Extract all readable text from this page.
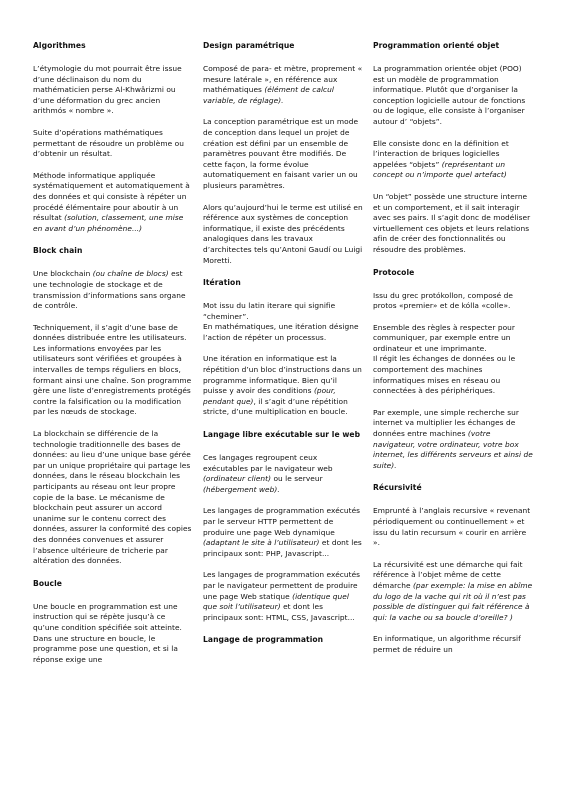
Algorithmes

L’étymologie du mot pourrait être issue d’une déclinaison du nom du mathématicien perse Al-Khwârizmi ou d’une déformation du grec ancien arithmós « nombre ».

Suite d’opérations mathématiques permettant de résoudre un problème ou d’obtenir un résultat.

Méthode informatique appliquée systématiquement et automatiquement à des données et qui consiste à répéter un procédé élémentaire pour aboutir à un résultat (solution, classement, une mise en avant d’un phénomène...)

Block chain

Une blockchain (ou chaîne de blocs) est une technologie de stockage et de transmission d’informations sans organe de contrôle.

Techniquement, il s’agit d’une base de données distribuée entre les utilisateurs. Les informations envoyées par les utilisateurs sont vérifiées et groupées à intervalles de temps réguliers en blocs, formant ainsi une chaîne. Son programme gère une liste d’enregistrements protégés contre la falsification ou la modification par les nœuds de stockage.

La blockchain se différencie de la technologie traditionnelle des bases de données: au lieu d’une unique base gérée par un unique propriétaire qui partage les données, dans le réseau blockchain les participants au réseau ont leur propre copie de la base. Le mécanisme de blockchain peut assurer un accord unanime sur le contenu correct des données, assurer la conformité des copies des données convenues et assurer l’absence ultérieure de tricherie par altération des données.

Boucle

Une boucle en programmation est une instruction qui se répète jusqu’à ce qu’une condition spécifiée soit atteinte. Dans une structure en boucle, le programme pose une question, et si la réponse exige une

Design paramétrique

Composé de para- et mètre, proprement « mesure latérale », en référence aux mathématiques (élément de calcul variable, de réglage).

La conception paramétrique est un mode de conception dans lequel un projet de création est défini par un ensemble de paramètres pouvant être modifiés. De cette façon, la forme évolue automatiquement en faisant varier un ou plusieurs paramètres.

Alors qu’aujourd’hui le terme est utilisé en référence aux systèmes de conception informatique, il existe des précédents analogiques dans les travaux d’architectes tels qu’Antoni Gaudí ou Luigi Moretti.

Itération

Mot issu du latin iterare qui signifie “cheminer”.
En mathématiques, une itération désigne l’action de répéter un processus.

Une itération en informatique est la répétition d’un bloc d’instructions dans un programme informatique. Bien qu’il puisse y avoir des conditions (pour, pendant que), il s’agit d’une répétition stricte, d’une multiplication en boucle.

Langage libre exécutable sur le web

Ces langages regroupent ceux exécutables par le navigateur web (ordinateur client) ou le serveur (hébergement web).

Les langages de programmation exécutés par le serveur HTTP permettent de produire une page Web dynamique (adaptant le site à l’utilisateur) et dont les principaux sont: PHP, Javascript...

Les langages de programmation exécutés par le navigateur permettent de produire une page Web statique (identique quel que soit l’utilisateur) et dont les principaux sont: HTML, CSS, Javascript...

Langage de programmation
Programmation orienté objet

La programmation orientée objet (POO) est un modèle de programmation informatique. Plutôt que d’organiser la conception logicielle autour de fonctions ou de logique, elle consiste à l’organiser autour d’ “objets”.

Elle consiste donc en la définition et l’interaction de briques logicielles appelées “objets” (représentant un concept ou n’importe quel artefact)

Un “objet” possède une structure interne et un comportement, et il sait interagir avec ses pairs. Il s’agit donc de modéliser virtuellement ces objets et leurs relations afin de créer des fonctionnalités ou résoudre des problèmes.

Protocole

Issu du grec protókollon, composé de protos «premier» et de kólla «colle».

Ensemble des règles à respecter pour communiquer, par exemple entre un ordinateur et une imprimante.
Il régit les échanges de données ou le comportement des machines informatiques mises en réseau ou connectées à des périphériques.

Par exemple, une simple recherche sur internet va multiplier les échanges de données entre machines (votre navigateur, votre ordinateur, votre box internet, les différents serveurs et ainsi de suite).

Récursivité

Emprunté à l’anglais recursive « revenant périodiquement ou continuellement » et issu du latin recursum « courir en arrière ».

La récursivité est une démarche qui fait référence à l’objet même de cette démarche (par exemple: la mise en abîme du logo de la vache qui rit où il n’est pas possible de distinguer qui fait référence à qui: la vache ou sa boucle d’oreille? )

En informatique, un algorithme récursif permet de réduire un
